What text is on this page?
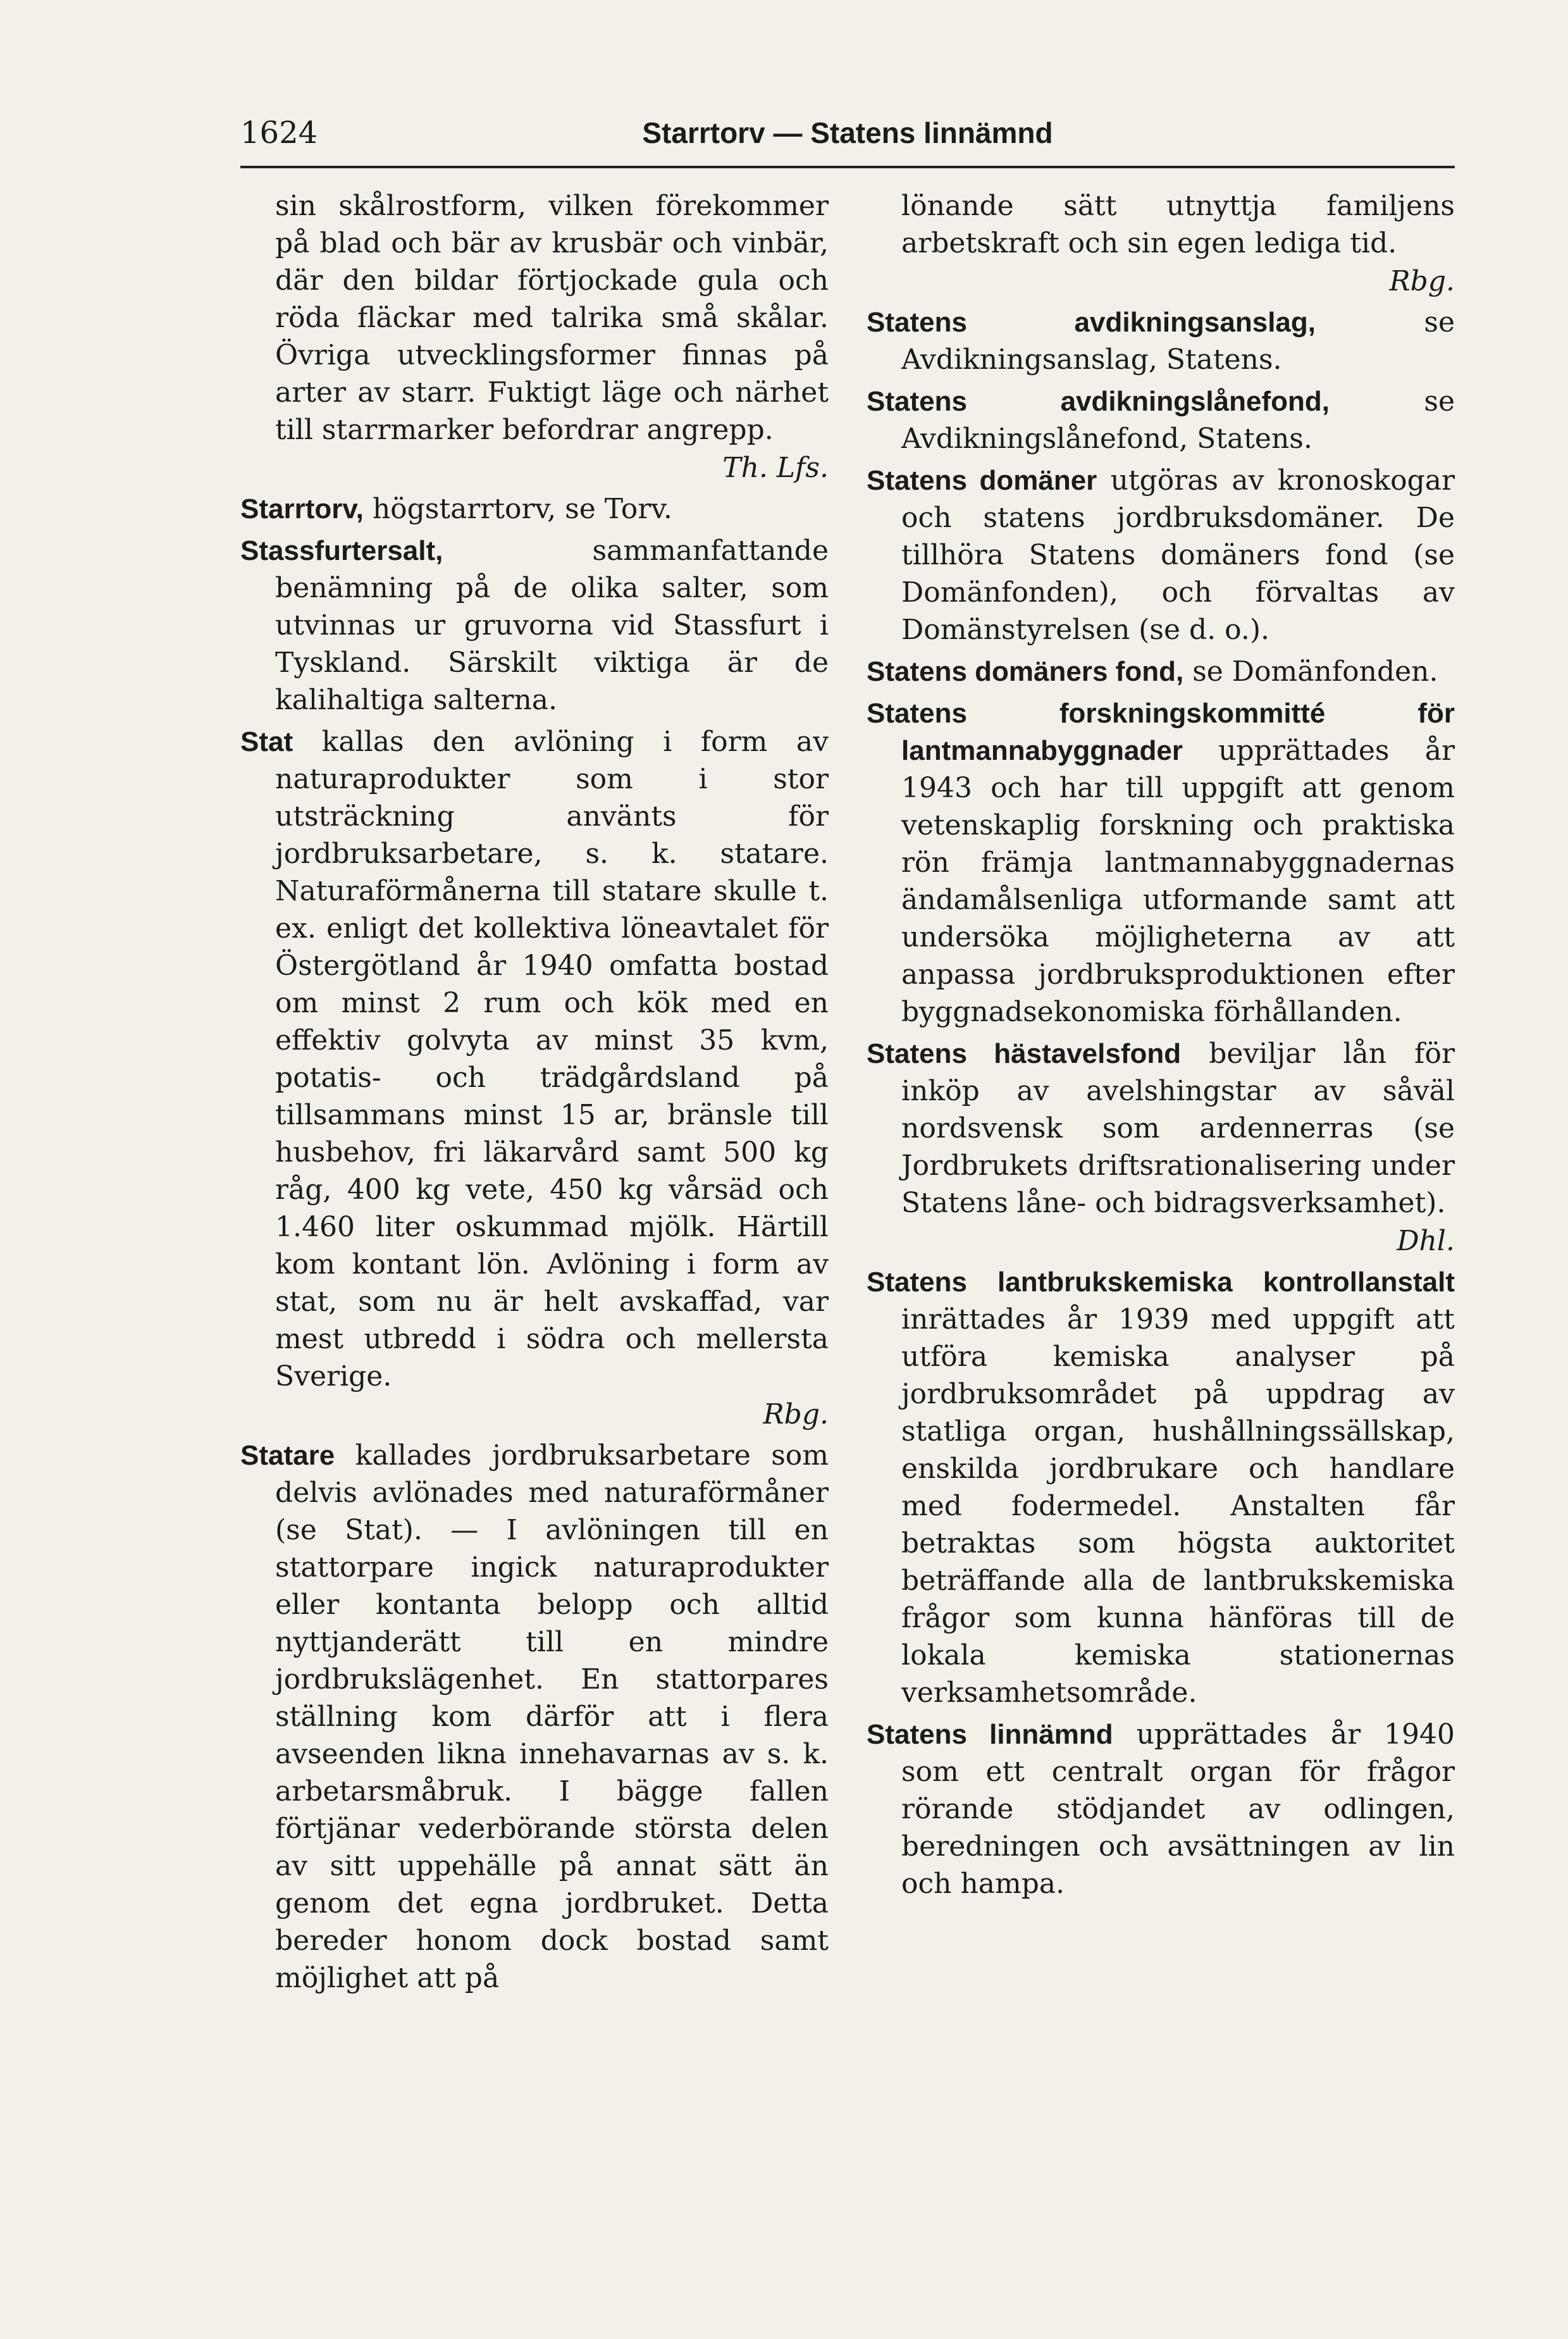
1624	Starrtorv — Statens linnämnd

sin skålrostform, vilken förekommer på blad och bär av krusbär och vinbär, där den bildar förtjockade gula och röda fläckar med talrika små skålar. Övriga utvecklingsformer finnas på arter av starr. Fuktigt läge och närhet till starrmarker befordrar angrepp.

Th. Lfs.

Starrtorv, högstarrtorv, se Torv.

Stassfurtersalt,	sammanfattande benämning på de olika salter, som utvinnas ur gruvorna vid Stassfurt i Tyskland. Särskilt viktiga är de kalihaltiga salterna.

Stat kallas den avlöning i form av naturaprodukter som i stor utsträckning använts för jordbruksarbetare, s. k. statare. Naturaförmånerna till statare skulle t. ex. enligt det kollektiva löneavtalet för Östergötland år 1940 omfatta bostad om minst 2 rum och kök med en effektiv golvyta av minst 35 kvm, potatis- och trädgårdsland på tillsammans minst 15 ar, bränsle till husbehov, fri läkarvård samt 500 kg råg, 400 kg vete, 450 kg vårsäd och 1.460 liter oskummad mjölk. Härtill kom kontant lön. Avlöning i form av stat, som nu är helt avskaffad, var mest utbredd i södra och mellersta Sverige.

Rbg.

Statare kallades jordbruksarbetare som delvis avlönades med naturaförmåner (se Stat). — I avlöningen till en stattorpare ingick naturaprodukter eller kontanta belopp och alltid nyttjanderätt till en mindre jordbrukslägenhet. En stattorpares ställning kom därför att i flera avseenden likna innehavarnas av s. k. arbetarsmåbruk. I bägge fallen förtjänar vederbörande största delen av sitt uppehälle på annat sätt än genom det egna jordbruket. Detta bereder honom dock bostad samt möjlighet att på

lönande sätt utnyttja familjens arbetskraft och sin egen lediga tid.

Rbg.

Statens avdikningsanslag,	se Avdikningsanslag, Statens.

Statens avdikningslånefond,	se Avdikningslånefond, Statens.

Statens domäner utgöras av kronoskogar och statens jordbruksdomäner. De tillhöra Statens domäners fond (se Domänfonden), och förvaltas av Domänstyrelsen (se d. o.).

Statens domäners fond, se Domänfonden.

Statens forskningskommitté för lantmannabyggnader upprättades år 1943 och har till uppgift att genom vetenskaplig forskning och praktiska rön främja lantmannabyggnadernas ändamålsenliga utformande samt att undersöka möjligheterna av att anpassa jordbruksproduktionen efter byggnadsekonomiska förhållanden.

Statens hästavelsfond beviljar lån för inköp av avelshingstar av såväl nordsvensk som ardennerras (se Jordbrukets driftsrationalisering under Statens låne- och bidragsverksamhet).

Dhl.

Statens lantbrukskemiska kontrollanstalt inrättades år 1939 med uppgift att utföra kemiska analyser på jordbruksområdet på uppdrag av statliga organ, hushållningssällskap, enskilda jordbrukare och handlare med fodermedel. Anstalten får betraktas som högsta auktoritet beträffande alla de lantbrukskemiska frågor som kunna hänföras till de lokala kemiska stationernas verksamhetsområde.

Statens linnämnd upprättades år 1940 som ett centralt organ för frågor rörande stödjandet av odlingen, beredningen och avsättningen av lin och hampa.
